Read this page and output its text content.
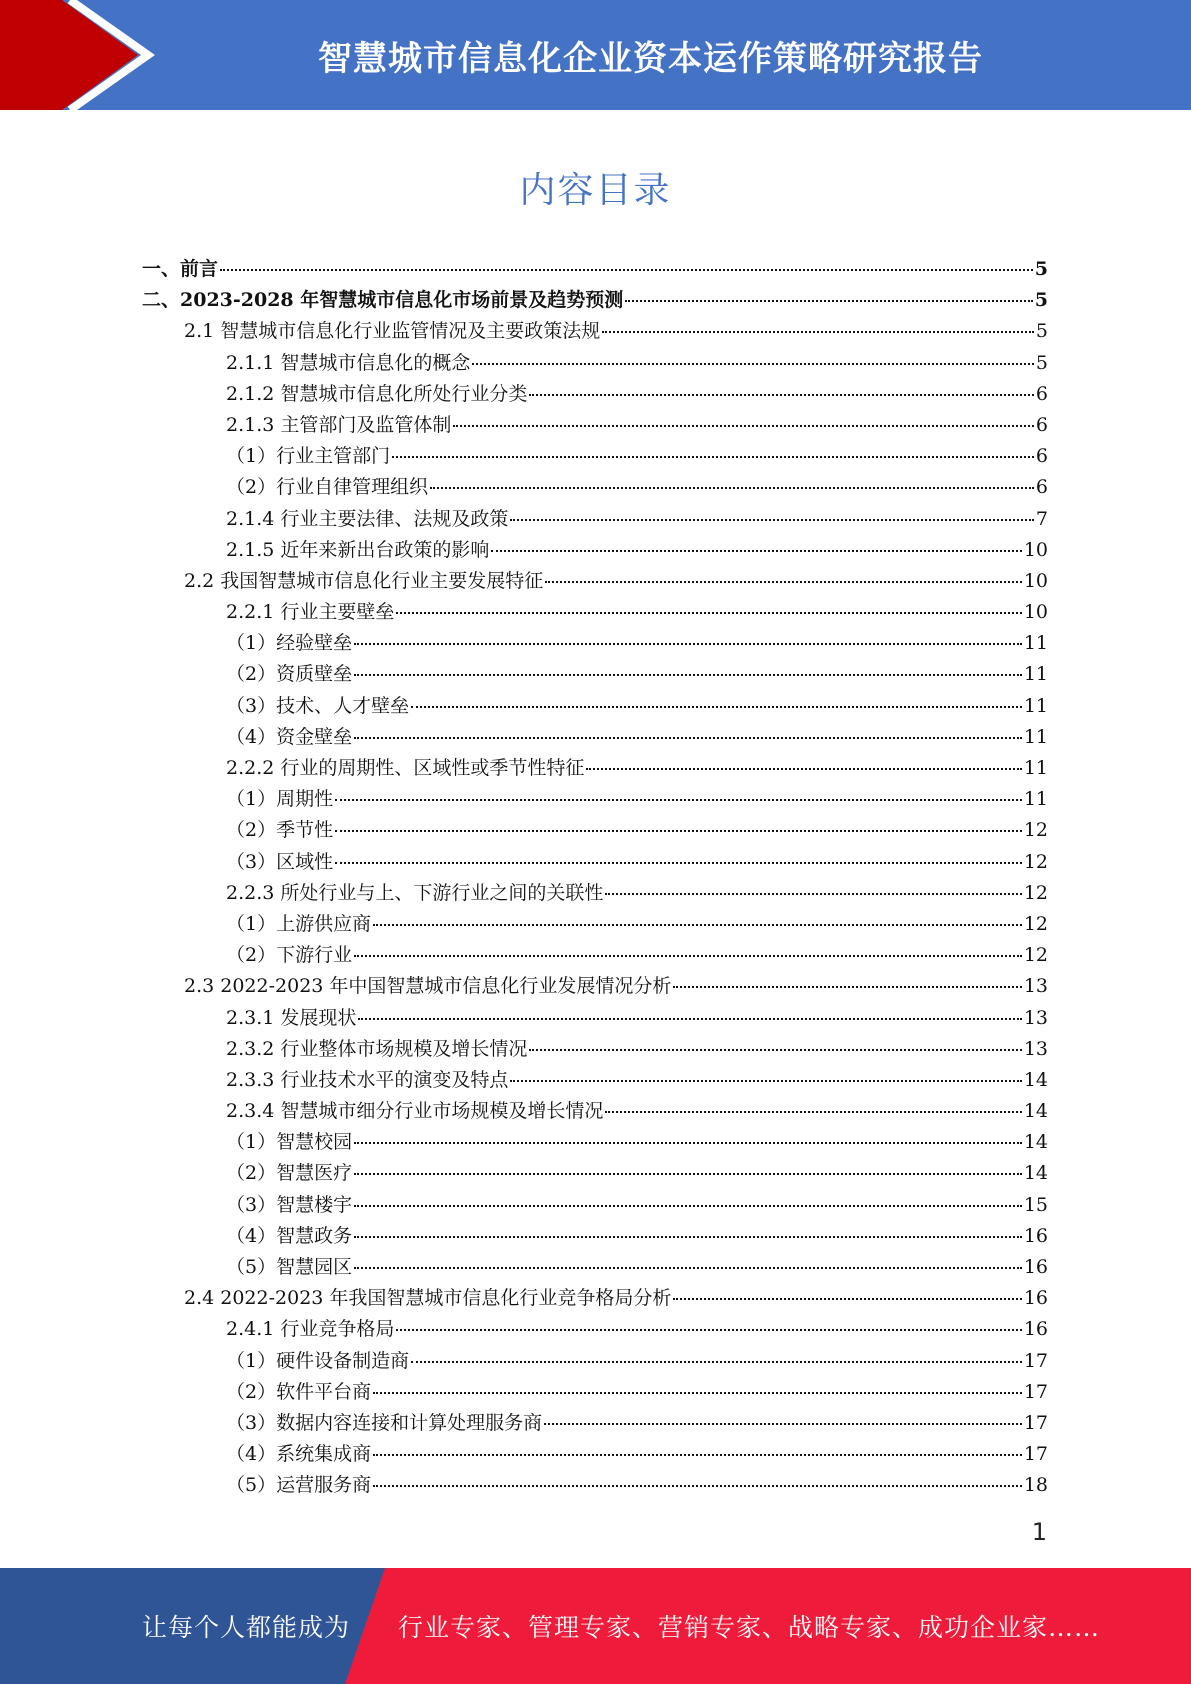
智慧城市信息化企业资本运作策略研究报告
内容目录
一、前言	5
二、2023-2028 年智慧城市信息化市场前景及趋势预测	5
2.1 智慧城市信息化行业监管情况及主要政策法规	5
2.1.1 智慧城市信息化的概念	5
2.1.2 智慧城市信息化所处行业分类	6
2.1.3 主管部门及监管体制	6
（1）行业主管部门	6
（2）行业自律管理组织	6
2.1.4 行业主要法律、法规及政策	7
2.1.5 近年来新出台政策的影响	10
2.2 我国智慧城市信息化行业主要发展特征	10
2.2.1 行业主要壁垒	10
（1）经验壁垒	11
（2）资质壁垒	11
（3）技术、人才壁垒	11
（4）资金壁垒	11
2.2.2 行业的周期性、区域性或季节性特征	11
（1）周期性	11
（2）季节性	12
（3）区域性	12
2.2.3 所处行业与上、下游行业之间的关联性	12
（1）上游供应商	12
（2）下游行业	12
2.3 2022-2023 年中国智慧城市信息化行业发展情况分析	13
2.3.1 发展现状	13
2.3.2 行业整体市场规模及增长情况	13
2.3.3 行业技术水平的演变及特点	14
2.3.4 智慧城市细分行业市场规模及增长情况	14
（1）智慧校园	14
（2）智慧医疗	14
（3）智慧楼宇	15
（4）智慧政务	16
（5）智慧园区	16
2.4 2022-2023 年我国智慧城市信息化行业竞争格局分析	16
2.4.1 行业竞争格局	16
（1）硬件设备制造商	17
（2）软件平台商	17
（3）数据内容连接和计算处理服务商	17
（4）系统集成商	17
（5）运营服务商	18
1
让每个人都能成为 行业专家、管理专家、营销专家、战略专家、成功企业家……
